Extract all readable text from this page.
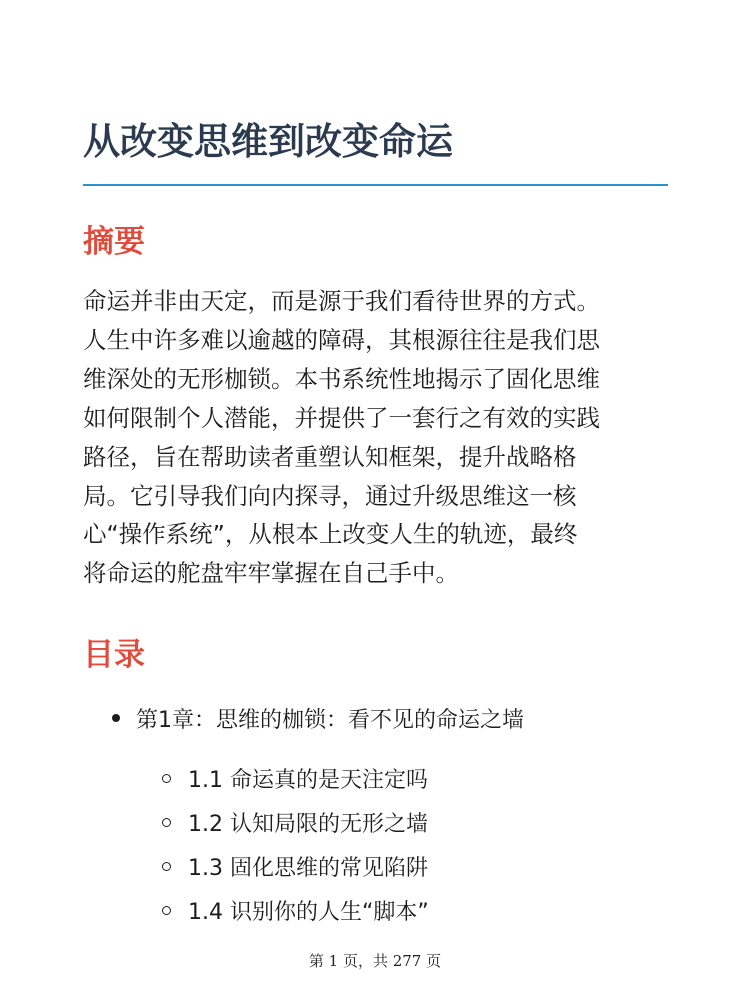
从改变思维到改变命运
摘要

命运并非由天定，而是源于我们看待世界的方式。
人生中许多难以逾越的障碍，其根源往往是我们思
维深处的无形枷锁。本书系统性地揭示了固化思维
如何限制个人潜能，并提供了一套行之有效的实践
路径，旨在帮助读者重塑认知框架，提升战略格
局。它引导我们向内探寻，通过升级思维这一核
心“操作系统”，从根本上改变人生的轨迹，最终
将命运的舵盘牢牢掌握在自己手中。

目录
第1章：思维的枷锁：看不见的命运之墙
1.1 命运真的是天注定吗
1.2 认知局限的无形之墙
1.3 固化思维的常见陷阱
1.4 识别你的人生“脚本”
第 1 页，共 277 页
